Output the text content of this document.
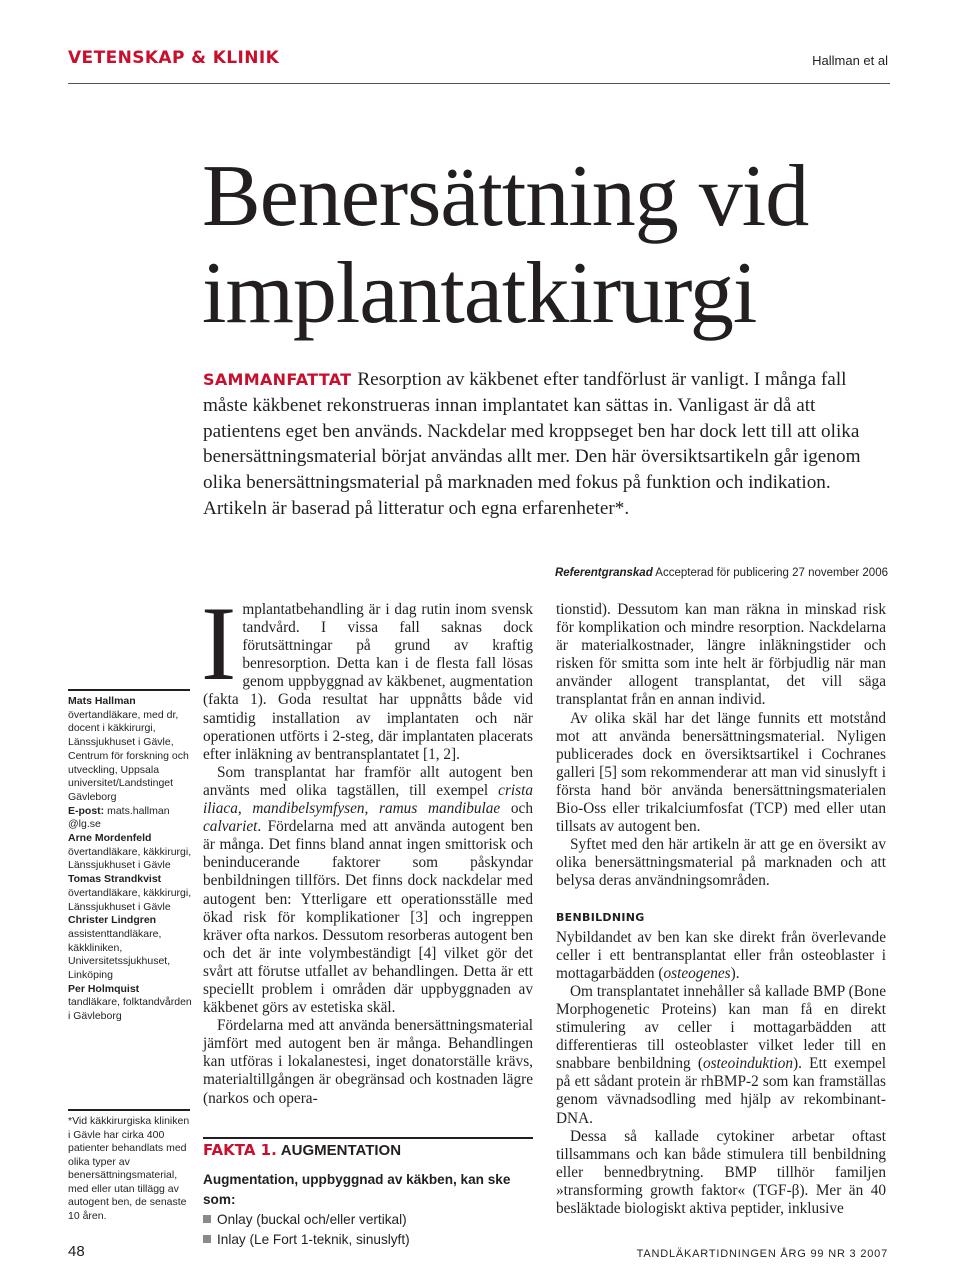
VETENSKAP & KLINIK	Hallman et al
Benersättning vid implantatkirurgi
SAMMANFATTAT Resorption av käkbenet efter tandförlust är vanligt. I många fall måste käkbenet rekonstrueras innan implantatet kan sättas in. Vanligast är då att patientens eget ben används. Nackdelar med kroppseget ben har dock lett till att olika benersättningsmaterial börjat användas allt mer. Den här översiktsartikeln går igenom olika benersättningsmaterial på marknaden med fokus på funktion och indikation. Artikeln är baserad på litteratur och egna erfarenheter*.
Referentgranskad Accepterad för publicering 27 november 2006
Mats Hallman
övertandläkare, med dr, docent i käkkirurgi, Länssjukhuset i Gävle, Centrum för forskning och utveckling, Uppsala universitet/Landstinget Gävleborg
E-post: mats.hallman @lg.se
Arne Mordenfeld
övertandläkare, käkkirurgi, Länssjukhuset i Gävle
Tomas Strandkvist
övertandläkare, käkkirurgi, Länssjukhuset i Gävle
Christer Lindgren
assistenttandläkare, käkkliniken, Universitetssjukhuset, Linköping
Per Holmquist
tandläkare, folktandvården i Gävleborg
*Vid käkkirurgiska kliniken i Gävle har cirka 400 patienter behandlats med olika typer av benersättningsmaterial, med eller utan tillägg av autogent ben, de senaste 10 åren.

Implantatbehandling är i dag rutin inom svensk tandvård. I vissa fall saknas dock förutsättningar på grund av kraftig benresorption. Detta kan i de flesta fall lösas genom uppbyggnad av käkbenet, augmentation (fakta 1). Goda resultat har uppnåtts både vid samtidig installation av implantaten och när operationen utförts i 2-steg, där implantaten placerats efter inläkning av bentransplantatet [1, 2].

Som transplantat har framför allt autogent ben använts med olika tagställen, till exempel crista iliaca, mandibelsymfysen, ramus mandibulae och calvariet. Fördelarna med att använda autogent ben är många. Det finns bland annat ingen smittorisk och beninducerande faktorer som påskyndar benbildningen tillförs. Det finns dock nackdelar med autogent ben: Ytterligare ett operationsställe med ökad risk för komplikationer [3] och ingreppen kräver ofta narkos. Dessutom resorberas autogent ben och det är inte volymbeständigt [4] vilket gör det svårt att förutse utfallet av behandlingen. Detta är ett speciellt problem i områden där uppbyggnaden av käkbenet görs av estetiska skäl.

Fördelarna med att använda benersättningsmaterial jämfört med autogent ben är många. Behandlingen kan utföras i lokalanestesi, inget donatorställe krävs, materialtillgången är obegränsad och kostnaden lägre (narkos och opera-

FAKTA 1. AUGMENTATION
Augmentation, uppbyggnad av käkben, kan ske som:
Onlay (buckal och/eller vertikal)
Inlay (Le Fort 1-teknik, sinuslyft)

tionstid). Dessutom kan man räkna in minskad risk för komplikation och mindre resorption. Nackdelarna är materialkostnader, längre inläkningstider och risken för smitta som inte helt är förbjudlig när man använder allogent transplantat, det vill säga transplantat från en annan individ.

Av olika skäl har det länge funnits ett motstånd mot att använda benersättningsmaterial. Nyligen publicerades dock en översiktsartikel i Cochranes galleri [5] som rekommenderar att man vid sinuslyft i första hand bör använda benersättningsmaterialen Bio-Oss eller trikalciumfosfat (TCP) med eller utan tillsats av autogent ben.

Syftet med den här artikeln är att ge en översikt av olika benersättningsmaterial på marknaden och att belysa deras användningsområden.

BENBILDNING

Nybildandet av ben kan ske direkt från överlevande celler i ett bentransplantat eller från osteoblaster i mottagarbädden (osteogenes).

Om transplantatet innehåller så kallade BMP (Bone Morphogenetic Proteins) kan man få en direkt stimulering av celler i mottagarbädden att differentieras till osteoblaster vilket leder till en snabbare benbildning (osteoinduktion). Ett exempel på ett sådant protein är rhBMP-2 som kan framställas genom vävnadsodling med hjälp av rekombinant-DNA.

Dessa så kallade cytokiner arbetar oftast tillsammans och kan både stimulera till benbildning eller bennedbrytning. BMP tillhör familjen »transforming growth faktor« (TGF-β). Mer än 40 besläktade biologiskt aktiva peptider, inklusive

48	TANDLÄKARTIDNINGEN ÅRG 99 NR 3 2007
